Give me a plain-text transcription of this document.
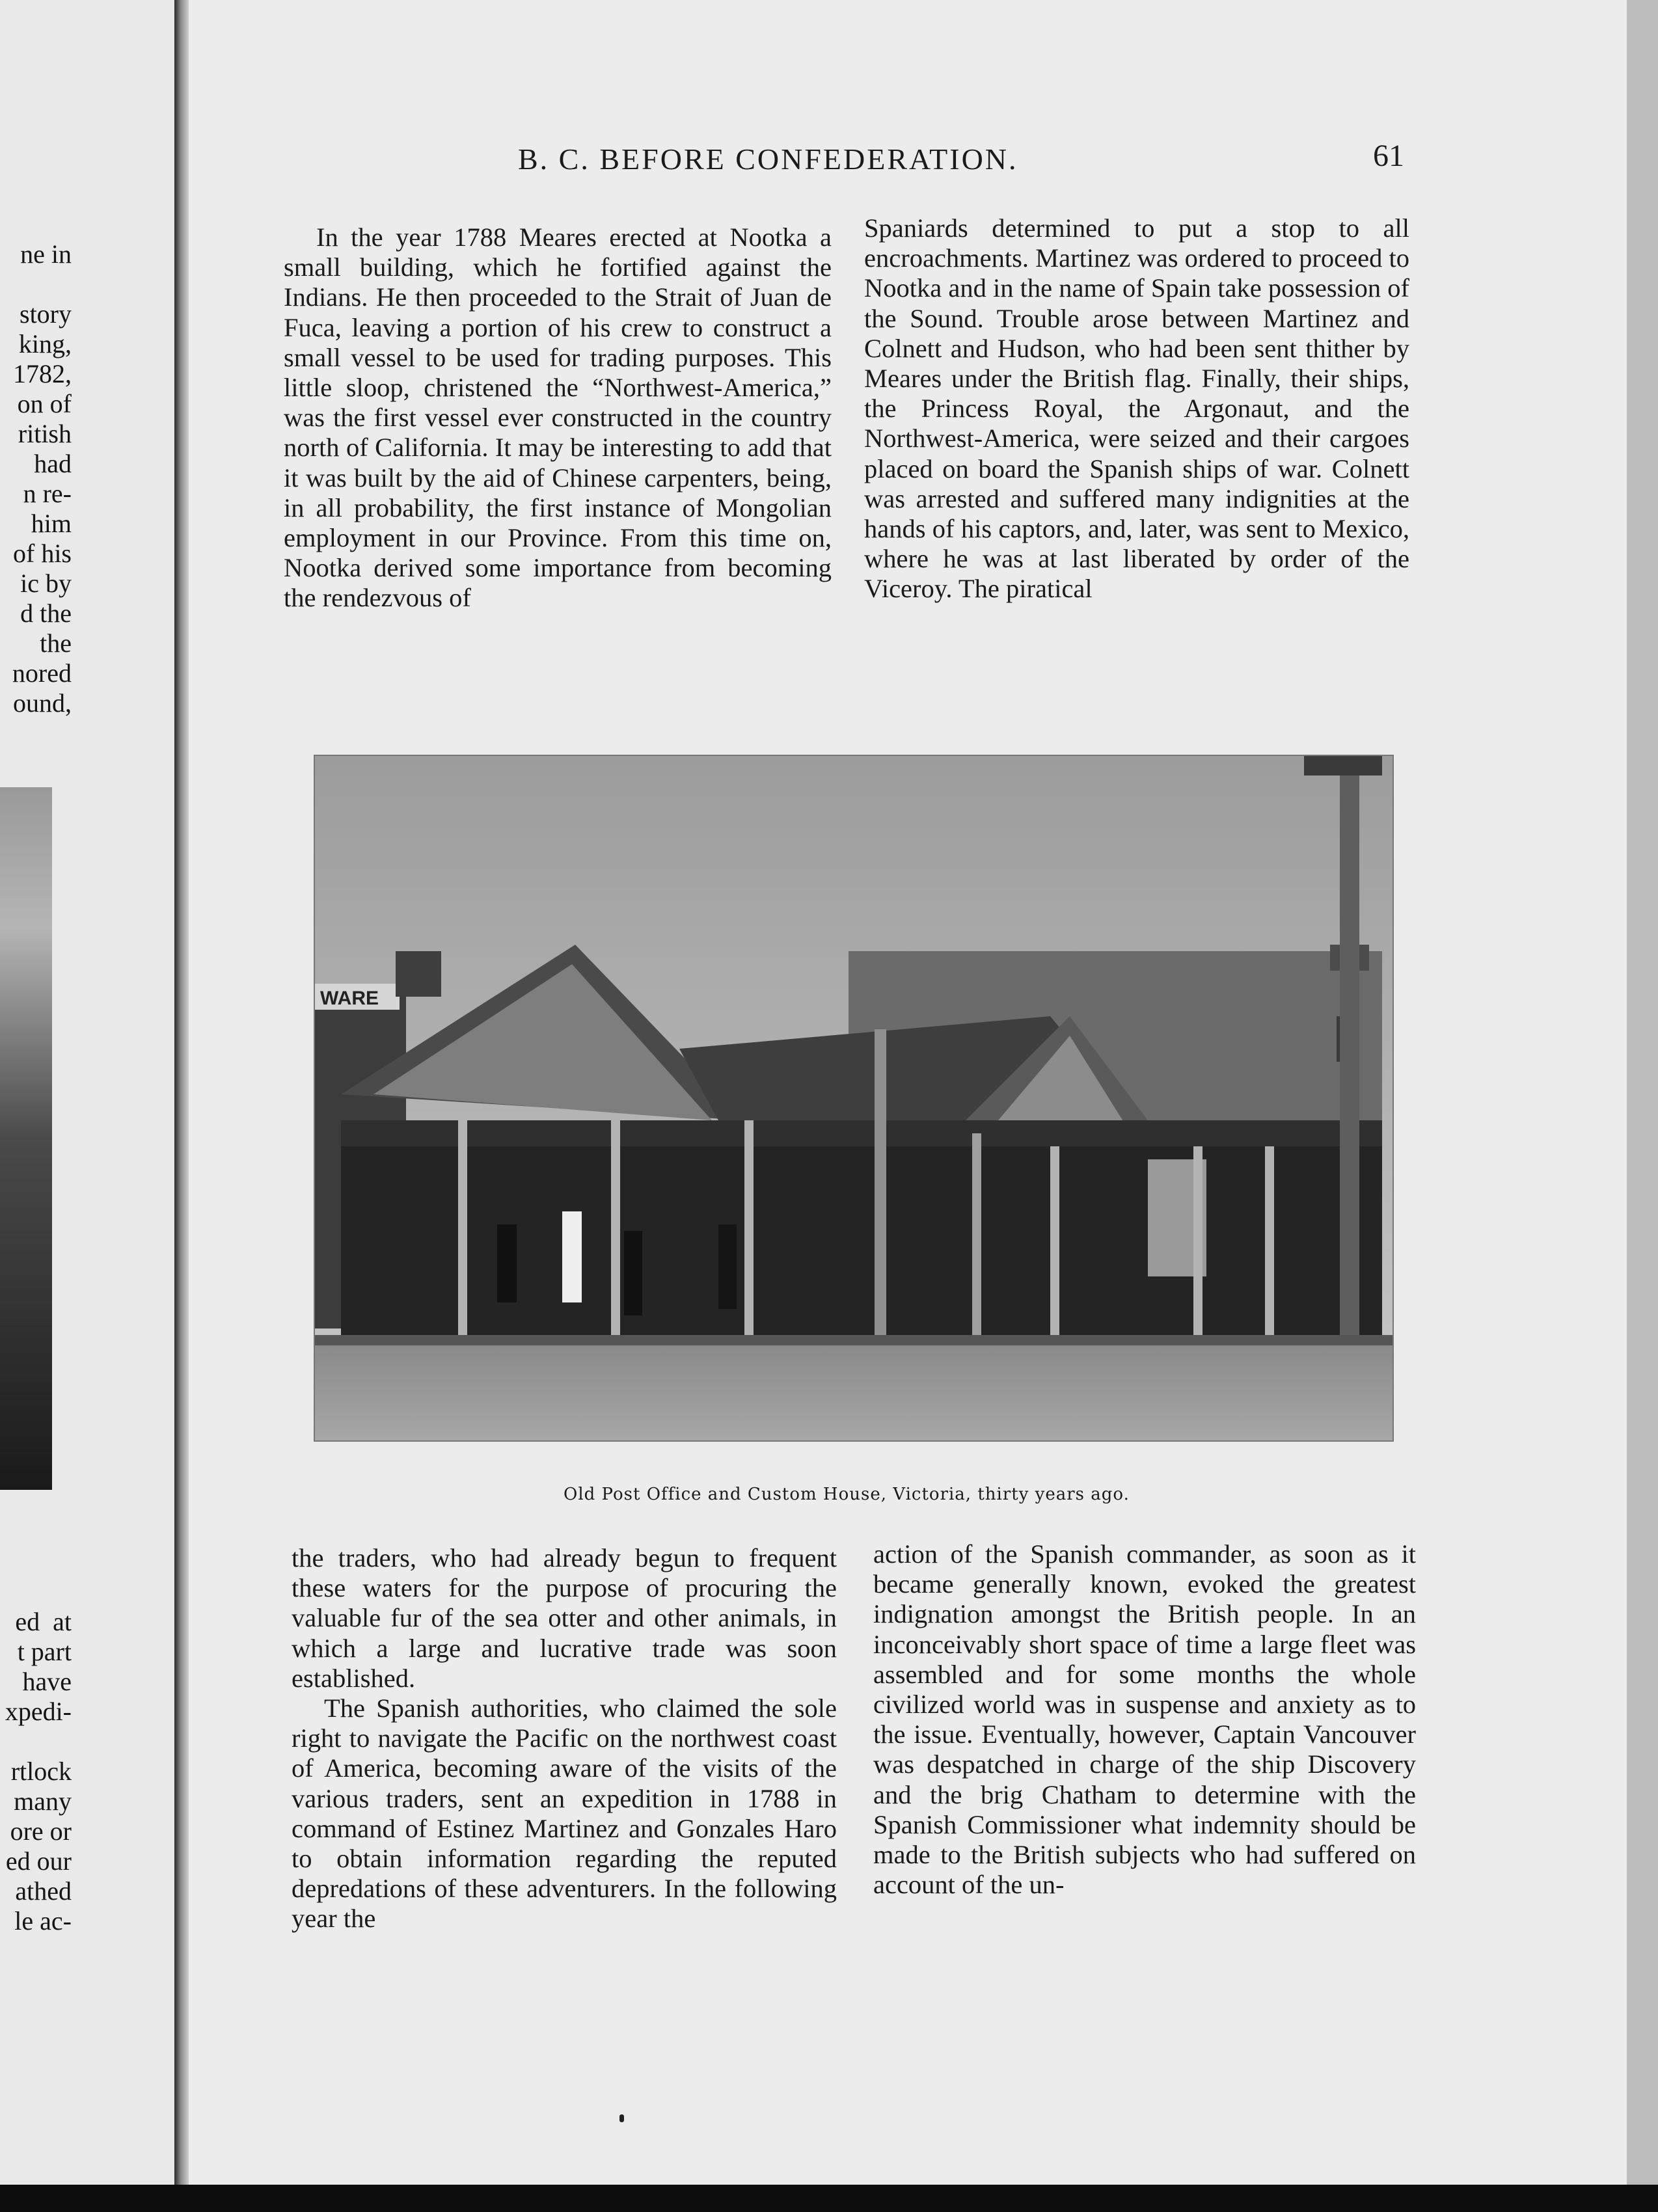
ne in

story
king,
1782,
on of
ritish
had
n re-
him
of his
ic by
d the
the
nored
ound,
ed  at
t part
have
xpedi-

rtlock
many
ore or
ed our
athed
le ac-
B. C. BEFORE CONFEDERATION.	61

In the year 1788 Meares erected at Nootka a small building, which he fortified against the Indians. He then proceeded to the Strait of Juan de Fuca, leaving a portion of his crew to construct a small vessel to be used for trading purposes. This little sloop, christened the “Northwest-America,” was the first vessel ever constructed in the country north of California. It may be interesting to add that it was built by the aid of Chinese carpenters, being, in all probability, the first instance of Mongolian employment in our Province. From this time on, Nootka derived some importance from becoming the rendezvous of

Spaniards determined to put a stop to all encroachments. Martinez was ordered to proceed to Nootka and in the name of Spain take possession of the Sound. Trouble arose between Martinez and Colnett and Hudson, who had been sent thither by Meares under the British flag. Finally, their ships, the Princess Royal, the Argonaut, and the Northwest-America, were seized and their cargoes placed on board the Spanish ships of war. Colnett was arrested and suffered many indignities at the hands of his captors, and, later, was sent to Mexico, where he was at last liberated by order of the Viceroy. The piratical

WARE
Old Post Office and Custom House, Victoria, thirty years ago.

the traders, who had already begun to frequent these waters for the purpose of procuring the valuable fur of the sea otter and other animals, in which a large and lucrative trade was soon established.

The Spanish authorities, who claimed the sole right to navigate the Pacific on the northwest coast of America, becoming aware of the visits of the various traders, sent an expedition in 1788 in command of Estinez Martinez and Gonzales Haro to obtain information regarding the reputed depredations of these adventurers. In the following year the

action of the Spanish commander, as soon as it became generally known, evoked the greatest indignation amongst the British people. In an inconceivably short space of time a large fleet was assembled and for some months the whole civilized world was in suspense and anxiety as to the issue. Eventually, however, Captain Vancouver was despatched in charge of the ship Discovery and the brig Chatham to determine with the Spanish Commissioner what indemnity should be made to the British subjects who had suffered on account of the un-
